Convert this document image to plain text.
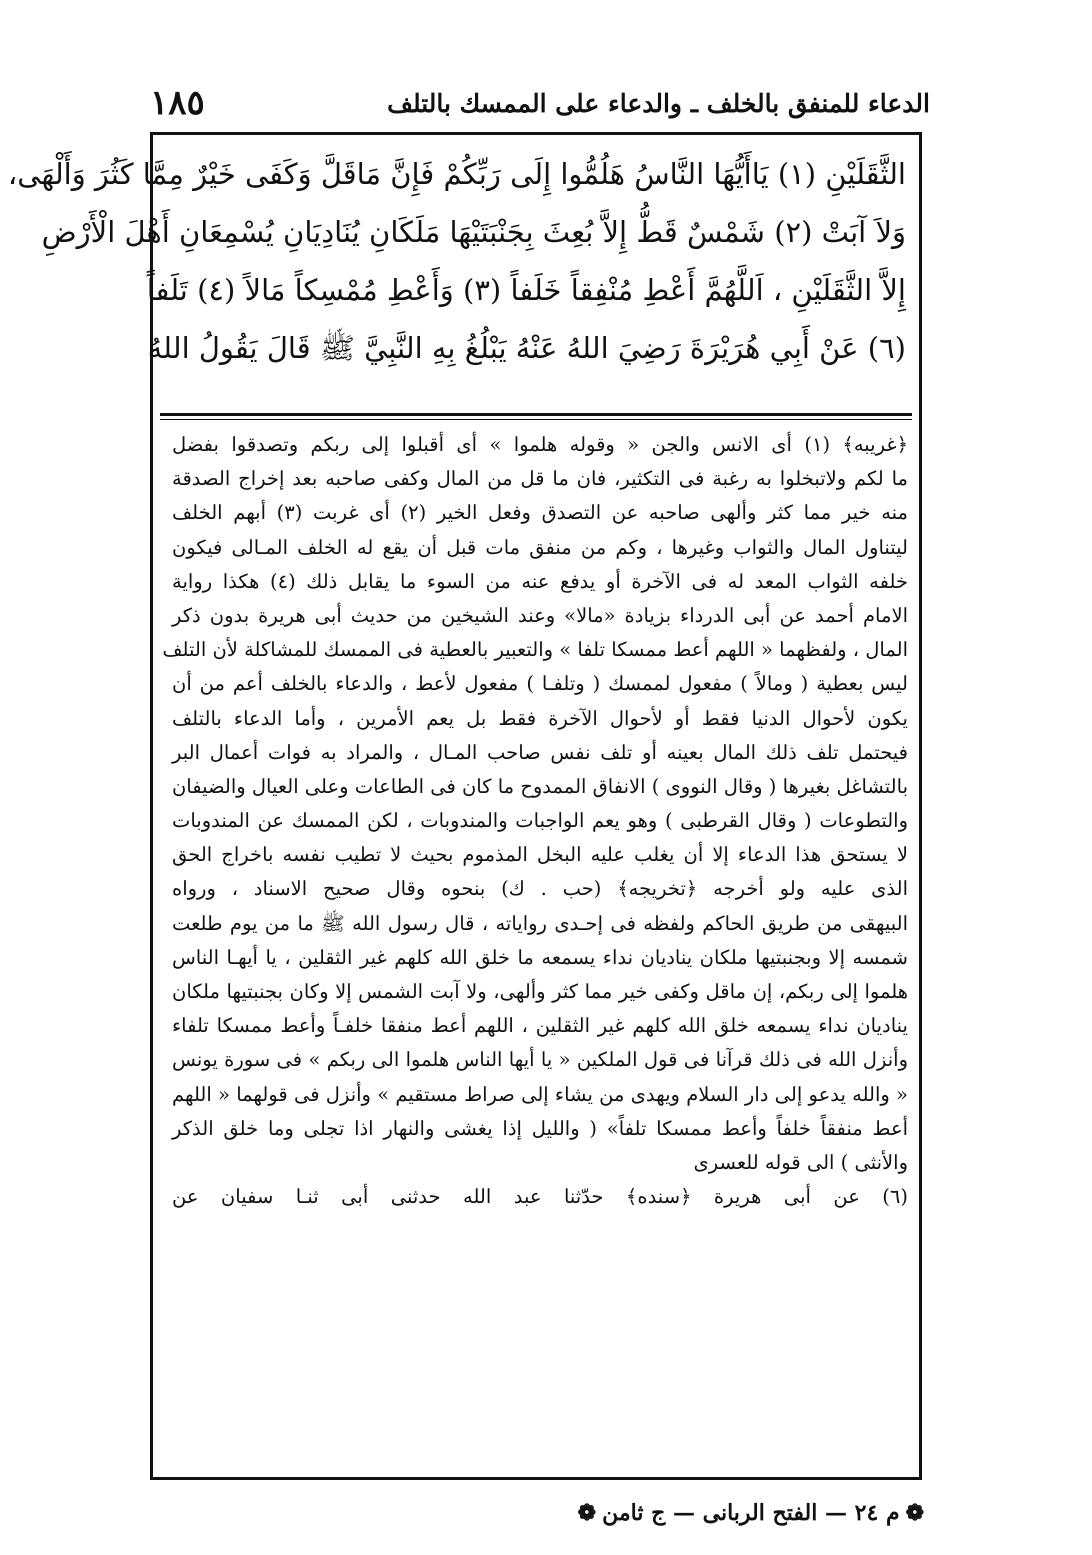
الدعاء للمنفق بالخلف ـ والدعاء على الممسك بالتلف
١٨٥
الثَّقَلَيْنِ (١) يَاأَيُّهَا النَّاسُ هَلُمُّوا إِلَى رَبِّكُمْ فَإِنَّ مَاقَلَّ وَكَفَى خَيْرٌ مِمَّا كَثُرَ وَأَلْهَى،
وَلاَ آبَتْ (٢) شَمْسٌ قَطُّ إِلاَّ بُعِثَ بِجَنْبَتَيْهَا مَلَكَانِ يُنَادِيَانِ يُسْمِعَانِ أَهْلَ الْأَرْضِ
إِلاَّ الثَّقَلَيْنِ ، اَللَّهُمَّ أَعْطِ مُنْفِقاً خَلَفاً (٣) وَأَعْطِ مُمْسِكاً مَالاً (٤) تَلَفاً
(٦) عَنْ أَبِي هُرَيْرَةَ رَضِيَ اللهُ عَنْهُ يَبْلُغُ بِهِ النَّبِيَّ ﷺ قَالَ يَقُولُ اللهُ
﴿غريبه﴾ (١) أى الانس والجن « وقوله هلموا » أى أقبلوا إلى ربكم وتصدقوا بفضل
ما لكم ولاتبخلوا به رغبة فى التكثير، فان ما قل من المال وكفى صاحبه بعد إخراج الصدقة
منه خير مما كثر وألهى صاحبه عن التصدق وفعل الخير (٢) أى غربت (٣) أبهم الخلف
ليتناول المال والثواب وغيرها ، وكم من منفق مات قبل أن يقع له الخلف المـالى فيكون
خلفه الثواب المعد له فى الآخرة أو يدفع عنه من السوء ما يقابل ذلك (٤) هكذا رواية
الامام أحمد عن أبى الدرداء بزيادة «مالا» وعند الشيخين من حديث أبى هريرة بدون ذكر
المال ، ولفظهما « اللهم أعط ممسكا تلفا » والتعبير بالعطية فى الممسك للمشاكلة لأن التلف
ليس بعطية ( ومالاً ) مفعول لممسك ( وتلفـا ) مفعول لأعط ، والدعاء بالخلف أعم من أن
يكون لأحوال الدنيا فقط أو لأحوال الآخرة فقط بل يعم الأمرين ، وأما الدعاء بالتلف
فيحتمل تلف ذلك المال بعينه أو تلف نفس صاحب المـال ، والمراد به فوات أعمال البر
بالتشاغل بغيرها ( وقال النووى ) الانفاق الممدوح ما كان فى الطاعات وعلى العيال والضيفان
والتطوعات ( وقال القرطبى ) وهو يعم الواجبات والمندوبات ، لكن الممسك عن المندوبات
لا يستحق هذا الدعاء إلا أن يغلب عليه البخل المذموم بحيث لا تطيب نفسه باخراج الحق
الذى عليه ولو أخرجه ﴿تخريجه﴾ (حب . ك) بنحوه وقال صحيح الاسناد ، ورواه
البيهقى من طريق الحاكم ولفظه فى إحـدى رواياته ، قال رسول الله ﷺ ما من يوم طلعت
شمسه إلا وبجنبتيها ملكان يناديان نداء يسمعه ما خلق الله كلهم غير الثقلين ، يا أيهـا الناس
هلموا إلى ربكم، إن ماقل وكفى خير مما كثر وألهى، ولا آبت الشمس إلا وكان بجنبتيها ملكان
يناديان نداء يسمعه خلق الله كلهم غير الثقلين ، اللهم أعط منفقا خلفـاً وأعط ممسكا تلفاء
وأنزل الله فى ذلك قرآنا فى قول الملكين « يا أيها الناس هلموا الى ربكم » فى سورة يونس
« والله يدعو إلى دار السلام ويهدى من يشاء إلى صراط مستقيم » وأنزل فى قولهما « اللهم
أعط منفقاً خلفاً وأعط ممسكا تلفاً» ( والليل إذا يغشى والنهار اذا تجلى وما خلق الذكر
والأنثى ) الى قوله للعسرى
(٦) عن أبى هريرة ﴿سنده﴾ حدّثنا عبد الله حدثنى أبى ثنـا سفيان عن
❁
م ٢٤ — الفتح الربانى — ج ثامن
❁
